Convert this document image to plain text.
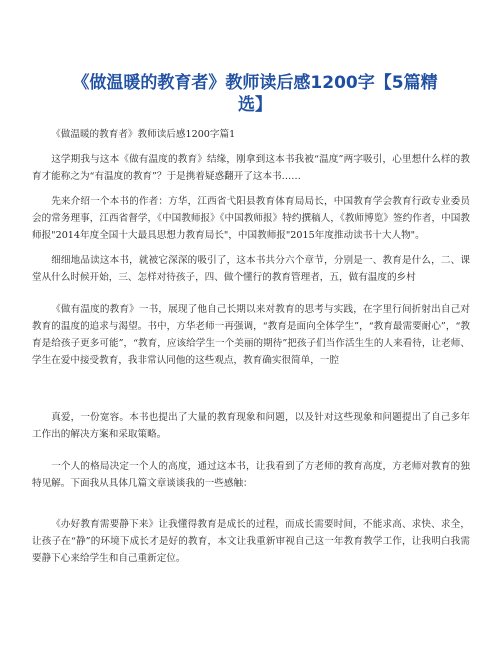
《做温暖的教育者》教师读后感1200字【5篇精选】

《做温暖的教育者》教师读后感1200字篇1

这学期我与这本《做有温度的教育》结缘，刚拿到这本书我被“温度”两字吸引，心里想什么样的教育才能称之为“有温度的教育”？于是携着疑惑翻开了这本书……

先来介绍一个本书的作者：方华，江西省弋阳县教育体育局局长，中国教育学会教育行政专业委员会的常务理事，江西省督学，《中国教师报》《中国教师报》特约撰稿人，《教师博览》签约作者，中国教师报"2014年度全国十大最具思想力教育局长"，中国教师报"2015年度推动读书十大人物"。

细细地品读这本书，就被它深深的吸引了，这本书共分六个章节，分别是一、教育是什么，二、课堂从什么时候开始，三、怎样对待孩子，四、做个懂行的教育管理者，五，做有温度的乡村

《做有温度的教育》一书，展现了他自己长期以来对教育的思考与实践，在字里行间折射出自己对教育的温度的追求与渴望。书中，方华老师一再强调，“教育是面向全体学生”，“教育最需要耐心”，“教育是给孩子更多可能”，“教育，应该给学生一个美丽的期待”把孩子们当作活生生的人来看待，让老师、学生在爱中接受教育，我非常认同他的这些观点，教育确实很简单，一腔

真爱，一份宽容。本书也提出了大量的教育现象和问题，以及针对这些现象和问题提出了自己多年工作出的解决方案和采取策略。

一个人的格局决定一个人的高度，通过这本书，让我看到了方老师的教育高度，方老师对教育的独特见解。下面我从具体几篇文章谈谈我的一些感触：

《办好教育需要静下来》让我懂得教育是成长的过程，而成长需要时间，不能求高、求快、求全，让孩子在“静”的环境下成长才是好的教育，本文让我重新审视自己这一年教育教学工作，让我明白我需要静下心来给学生和自己重新定位。
